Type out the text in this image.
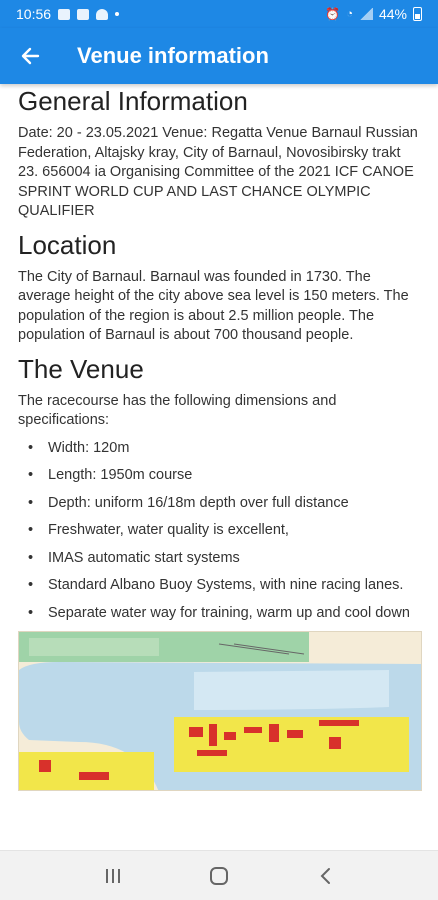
10:56	⏰ ◔ 44%
Venue information
General Information

Date: 20 - 23.05.2021 Venue: Regatta Venue Barnaul Russian Federation, Altajsky kray, City of Barnaul, Novosibirsky trakt 23. 656004 ia Organising Committee of the 2021 ICF CANOE SPRINT WORLD CUP AND LAST CHANCE OLYMPIC QUALIFIER

Location

The City of Barnaul. Barnaul was founded in 1730. The average height of the city above sea level is 150 meters. The population of the region is about 2.5 million people. The population of Barnaul is about 700 thousand people.

The Venue

The racecourse has the following dimensions and specifications:

• Width: 120m
• Length: 1950m course
• Depth: uniform 16/18m depth over full distance
• Freshwater, water quality is excellent,
• IMAS automatic start systems
• Standard Albano Buoy Systems, with nine racing lanes.
• Separate water way for training, warm up and cool down
